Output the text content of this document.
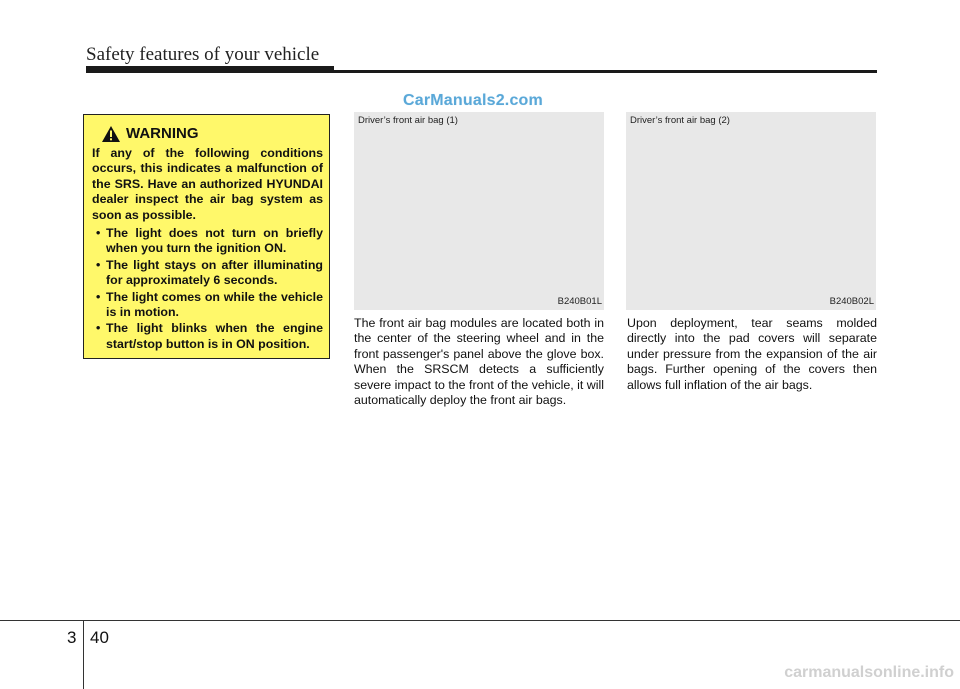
Safety features of your vehicle
CarManuals2.com
WARNING

If any of the following conditions occurs, this indicates a malfunction of the SRS. Have an authorized HYUNDAI dealer inspect the air bag system as soon as possible.

• The light does not turn on briefly when you turn the ignition ON.
• The light stays on after illuminating for approximately 6 seconds.
• The light comes on while the vehicle is in motion.
• The light blinks when the engine start/stop button is in ON position.
Driver’s front air bag (1)
B240B01L
Driver’s front air bag (2)
B240B02L

The front air bag modules are located both in the center of the steering wheel and in the front passenger's panel above the glove box. When the SRSCM detects a sufficiently severe impact to the front of the vehicle, it will automatically deploy the front air bags.

Upon deployment, tear seams molded directly into the pad covers will separate under pressure from the expansion of the air bags. Further opening of the covers then allows full inflation of the air bags.

3 40
carmanualsonline.info
